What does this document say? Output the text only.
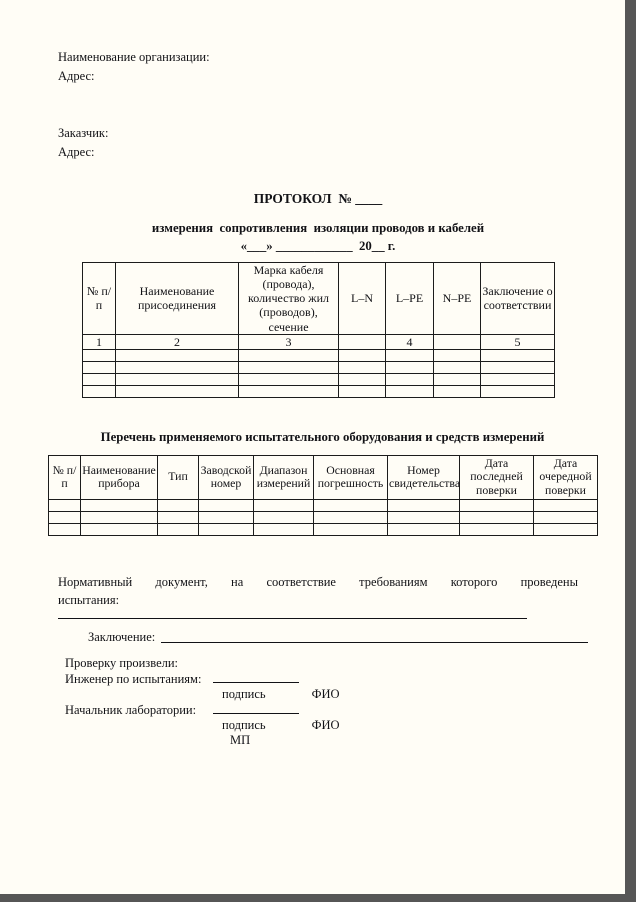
Наименование организации:
Адрес:
Заказчик:
Адрес:
ПРОТОКОЛ  № ____
измерения  сопротивления  изоляции проводов и кабелей
«___» ____________  20__ г.
№ п/п	Наименование присоединения	Марка кабеля (провода), количество жил (проводов), сечение	L–N	L–PE	N–PE	Заключение о соответствии
1	2	3		4		5

Перечень применяемого испытательного оборудования и средств измерений
№ п/п	Наименование прибора	Тип	Заводской номер	Диапазон измерений	Основная погрешность	Номер свидетельства	Дата последней поверки	Дата очередной поверки

Нормативный документ, на соответствие требованиям которого проведены
испытания:
Заключение:
Проверку произвели:
Инженер по испытаниям:
подпись	ФИО
Начальник лаборатории:
подпись	ФИО
МП
